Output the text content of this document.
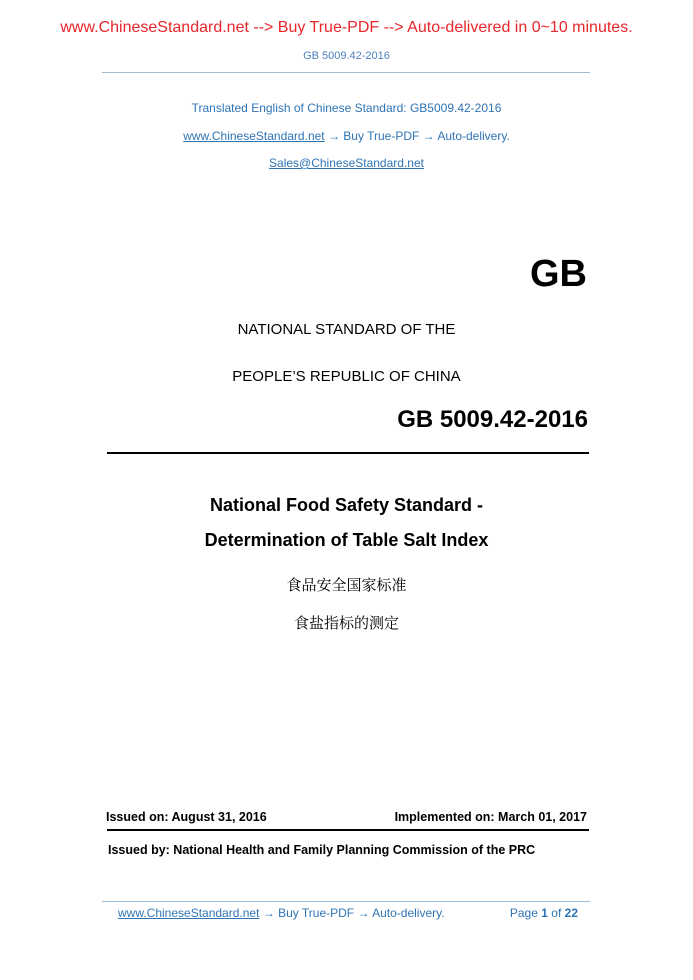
www.ChineseStandard.net --> Buy True-PDF --> Auto-delivered in 0~10 minutes.
GB 5009.42-2016
Translated English of Chinese Standard: GB5009.42-2016
www.ChineseStandard.net → Buy True-PDF → Auto-delivery.
Sales@ChineseStandard.net
GB
NATIONAL STANDARD OF THE
PEOPLE’S REPUBLIC OF CHINA
GB 5009.42-2016
National Food Safety Standard -
Determination of Table Salt Index
食品安全国家标准
食盐指标的测定
Issued on: August 31, 2016	Implemented on: March 01, 2017
Issued by: National Health and Family Planning Commission of the PRC
www.ChineseStandard.net → Buy True-PDF → Auto-delivery.	Page 1 of 22
